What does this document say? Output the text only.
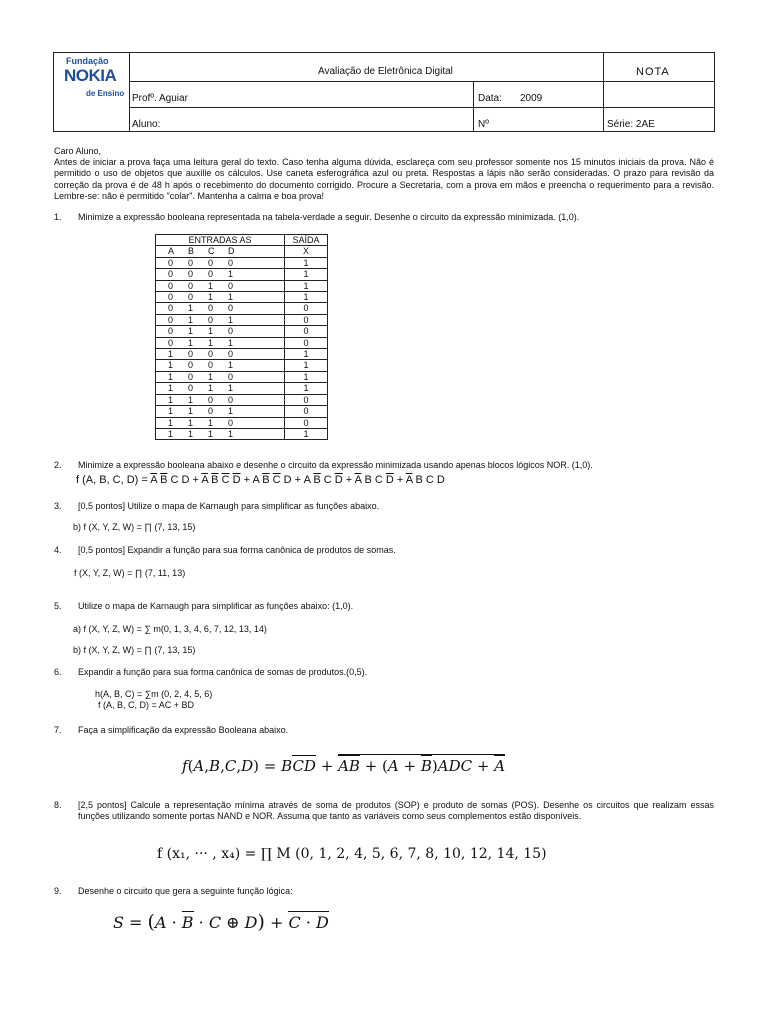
Fundação
NOKIA
de Ensino
Avaliação de Eletrônica Digital	NOTA
Profº. Aguiar	Data: 2009
Aluno:	Nº	Série: 2AE
Caro Aluno,
Antes de iniciar a prova faça uma leitura geral do texto. Caso tenha alguma dúvida, esclareça com seu professor somente nos 15 minutos iniciais da prova. Não é permitido o uso de objetos que auxilie os cálculos. Use caneta esferográfica azul ou preta. Respostas a lápis não serão consideradas. O prazo para revisão da correção da prova é de 48 h após o recebimento do documento corrigido. Procure a Secretaria, com a prova em mãos e preencha o requerimento para a revisão. Lembre-se: não é permitido "colar". Mantenha a calma e boa prova!
1. Minimize a expressão booleana representada na tabela-verdade a seguir. Desenhe o circuito da expressão minimizada. (1,0).
ENTRADAS AS	SAÍDA

A B C D	X

0 0 0 0	1

0 0 0 1	1

0 0 1 0	1

0 0 1 1	1

0 1 0 0	0

0 1 0 1	0

0 1 1 0	0

0 1 1 1	0

1 0 0 0	1

1 0 0 1	1

1 0 1 0	1

1 0 1 1	1

1 1 0 0	0

1 1 0 1	0

1 1 1 0	0

1 1 1 1	1
2. Minimize a expressão booleana abaixo e desenhe o circuito da expressão minimizada usando apenas blocos lógicos NOR. (1,0).
f (A, B, C, $D) = \overline{A}$ $\overline{B}$ C $D + \overline{A}$ $\overline{B}$ $\overline{C}$ $\overline{D} + A$ $\overline{B}$ $\overline{C}$ D + A $\overline{B}$ C $\overline{D} + \overline{A}$ B C $\overline{D} + \overline{A}$ B C D
3. [0,5 pontos] Utilize o mapa de Karnaugh para simplificar as funções abaixo.
b) f (X, Y, Z, W) = ∏ (7, 13, 15)
4. [0,5 pontos] Expandir a função para sua forma canônica de produtos de somas.
f (X, Y, Z, W) = ∏ (7, 11, 13)
5. Utilize o mapa de Karnaugh para simplificar as funções abaixo: (1,0).
a) f (X, Y, Z, W) = ∑ m(0, 1, 3, 4, 6, 7, 12, 13, 14)
b) f (X, Y, Z, W) = ∏ (7, 13, 15)
6. Expandir a função para sua forma canônica de somas de produtos.(0,5).
h(A, B, C) = ∑m (0, 2, 4, 5, 6)
f (A, B, C, D) = AC + BD
7. Faça a simplificação da expressão Booleana abaixo.
f(A,B,C,D) = BCD + AB + (A + B)ADC + A
8. [2,5 pontos] Calcule a representação mínima através de soma de produtos (SOP) e produto de somas (POS). Desenhe os circuitos que realizam essas funções utilizando somente portas NAND e NOR. Assuma que tanto as variáveis como seus complementos estão disponíveis.
f (x₁, ··· , x₄) = ∏ M (0, 1, 2, 4, 5, 6, 7, 8, 10, 12, 14, 15)
9. Desenhe o circuito que gera a seguinte função lógica:
S = (A · B · C ⊕ D) + C · D
